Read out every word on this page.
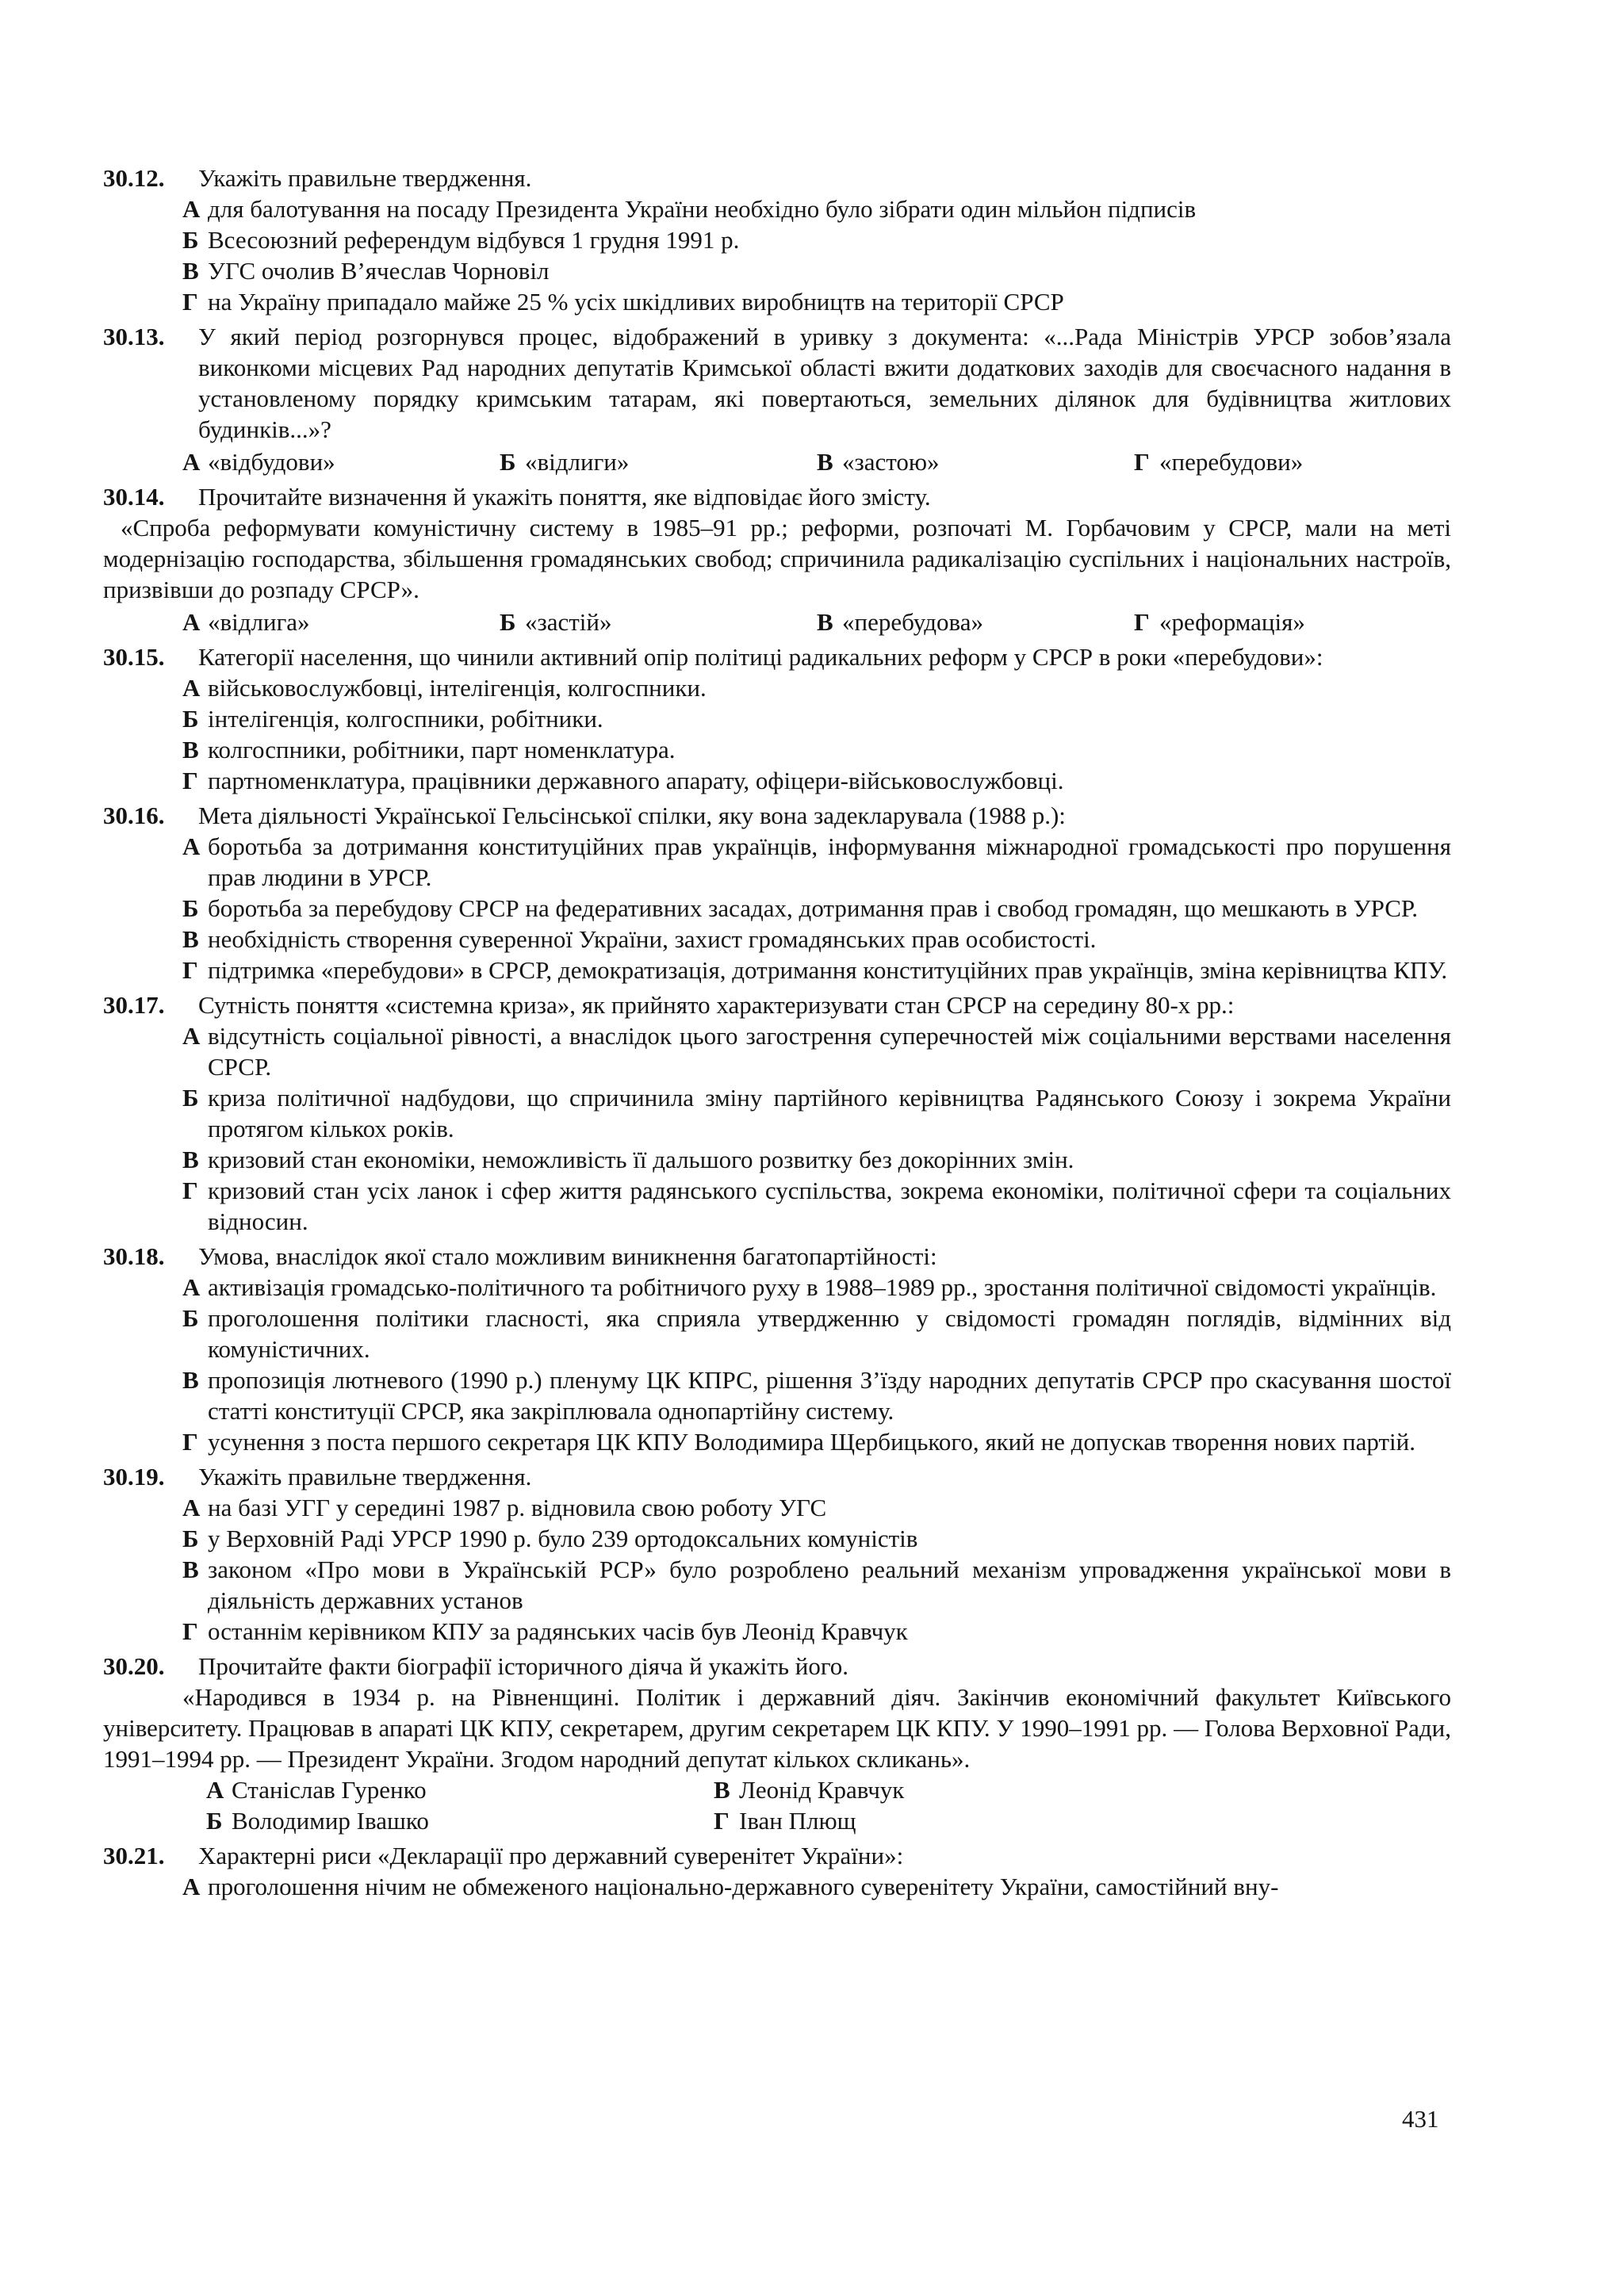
30.12.	Укажіть правильне твердження.
А для балотування на посаду Президента України необхідно було зібрати один мільйон підписів
Б Всесоюзний референдум відбувся 1 грудня 1991 р.
В УГС очолив В’ячеслав Чорновіл
Г на Україну припадало майже 25 % усіх шкідливих виробництв на території СРСР
30.13.	У який період розгорнувся процес, відображений в уривку з документа: «...Рада Міністрів УРСР зобов’язала виконкоми місцевих Рад народних депутатів Кримської області вжити додаткових заходів для своєчасного надання в установленому порядку кримським татарам, які повертаються, земельних ділянок для будівництва житлових будинків...»?
А «відбудови»	Б «відлиги»	В «застою»	Г «перебудови»
30.14.	Прочитайте визначення й укажіть поняття, яке відповідає його змісту.
«Спроба реформувати комуністичну систему в 1985–91 рр.; реформи, розпочаті М. Горбачовим у СРСР, мали на меті модернізацію господарства, збільшення громадянських свобод; спричинила радикалізацію суспільних і національних настроїв, призвівши до розпаду СРСР».
А «відлига»	Б «застій»	В «перебудова»	Г «реформація»
30.15.	Категорії населення, що чинили активний опір політиці радикальних реформ у СРСР в роки «перебудови»:
А військовослужбовці, інтелігенція, колгоспники.
Б інтелігенція, колгоспники, робітники.
В колгоспники, робітники, парт номенклатура.
Г партноменклатура, працівники державного апарату, офіцери-військовослужбовці.
30.16.	Мета діяльності Української Гельсінської спілки, яку вона задекларувала (1988 р.):
А боротьба за дотримання конституційних прав українців, інформування міжнародної громадськості про порушення прав людини в УРСР.
Б боротьба за перебудову СРСР на федеративних засадах, дотримання прав і свобод громадян, що мешкають в УРСР.
В необхідність створення суверенної України, захист громадянських прав особистості.
Г підтримка «перебудови» в СРСР, демократизація, дотримання конституційних прав українців, зміна керівництва КПУ.
30.17.	Сутність поняття «системна криза», як прийнято характеризувати стан СРСР на середину 80-х рр.:
А відсутність соціальної рівності, а внаслідок цього загострення суперечностей між соціальними верствами населення СРСР.
Б криза політичної надбудови, що спричинила зміну партійного керівництва Радянського Союзу і зокрема України протягом кількох років.
В кризовий стан економіки, неможливість її дальшого розвитку без докорінних змін.
Г кризовий стан усіх ланок і сфер життя радянського суспільства, зокрема економіки, політичної сфери та соціальних відносин.
30.18.	Умова, внаслідок якої стало можливим виникнення багатопартійності:
А активізація громадсько-політичного та робітничого руху в 1988–1989 рр., зростання політичної свідомості українців.
Б проголошення політики гласності, яка сприяла утвердженню у свідомості громадян поглядів, відмінних від комуністичних.
В пропозиція лютневого (1990 р.) пленуму ЦК КПРС, рішення З’їзду народних депутатів СРСР про скасування шостої статті конституції СРСР, яка закріплювала однопартійну систему.
Г усунення з поста першого секретаря ЦК КПУ Володимира Щербицького, який не допускав творення нових партій.
30.19.	Укажіть правильне твердження.
А на базі УГГ у середині 1987 р. відновила свою роботу УГС
Б у Верховній Раді УРСР 1990 р. було 239 ортодоксальних комуністів
В законом «Про мови в Українській РСР» було розроблено реальний механізм упровадження української мови в діяльність державних установ
Г останнім керівником КПУ за радянських часів був Леонід Кравчук
30.20.	Прочитайте факти біографії історичного діяча й укажіть його.
«Народився в 1934 р. на Рівненщині. Політик і державний діяч. Закінчив економічний факультет Київського університету. Працював в апараті ЦК КПУ, секретарем, другим секретарем ЦК КПУ. У 1990–1991 рр. — Голова Верховної Ради, 1991–1994 рр. — Президент України. Згодом народний депутат кількох скликань».
А Станіслав Гуренко	В Леонід Кравчук
Б Володимир Івашко	Г Іван Плющ
30.21.	Характерні риси «Декларації про державний суверенітет України»:
А проголошення нічим не обмеженого національно-державного суверенітету України, самостійний вну-
431
